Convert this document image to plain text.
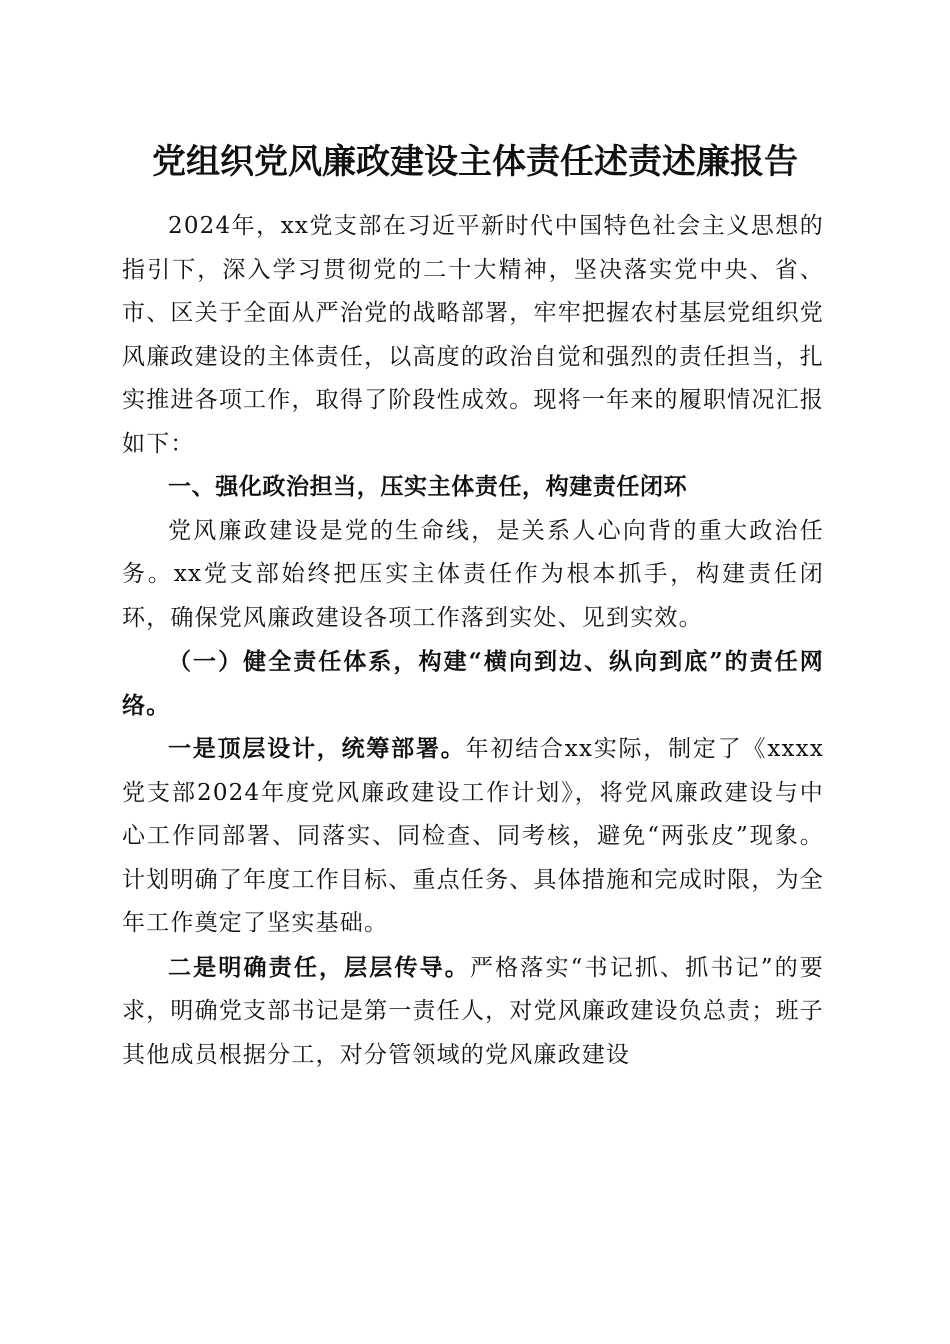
党组织党风廉政建设主体责任述责述廉报告

2024年，xx党支部在习近平新时代中国特色社会主义思想的指引下，深入学习贯彻党的二十大精神，坚决落实党中央、省、市、区关于全面从严治党的战略部署，牢牢把握农村基层党组织党风廉政建设的主体责任，以高度的政治自觉和强烈的责任担当，扎实推进各项工作，取得了阶段性成效。现将一年来的履职情况汇报如下：

一、强化政治担当，压实主体责任，构建责任闭环

党风廉政建设是党的生命线，是关系人心向背的重大政治任务。xx党支部始终把压实主体责任作为根本抓手，构建责任闭环，确保党风廉政建设各项工作落到实处、见到实效。

（一）健全责任体系，构建“横向到边、纵向到底”的责任网络。

一是顶层设计，统筹部署。年初结合xx实际，制定了《xxxx党支部2024年度党风廉政建设工作计划》，将党风廉政建设与中心工作同部署、同落实、同检查、同考核，避免“两张皮”现象。计划明确了年度工作目标、重点任务、具体措施和完成时限，为全年工作奠定了坚实基础。

二是明确责任，层层传导。严格落实“书记抓、抓书记”的要求，明确党支部书记是第一责任人，对党风廉政建设负总责；班子其他成员根据分工，对分管领域的党风廉政建设
